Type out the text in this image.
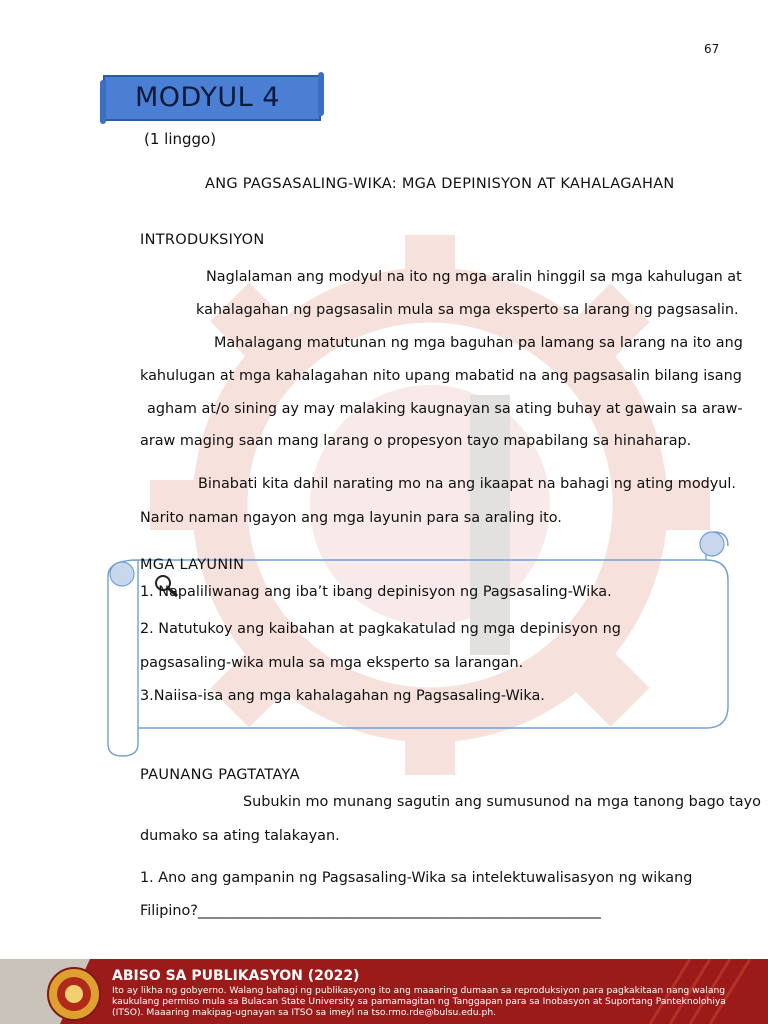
67
MODYUL 4
(1 linggo)
ANG PAGSASALING-WIKA: MGA DEPINISYON AT KAHALAGAHAN
INTRODUKSIYON
Naglalaman ang modyul na ito ng mga aralin hinggil sa mga kahulugan at
kahalagahan ng pagsasalin mula sa mga eksperto sa larang ng pagsasalin.
Mahalagang matutunan ng mga baguhan pa lamang sa larang na ito ang
kahulugan at mga kahalagahan nito upang mabatid na ang pagsasalin bilang isang
agham at/o sining ay may malaking kaugnayan sa ating buhay at gawain sa araw-
araw maging saan mang larang o propesyon tayo mapabilang sa hinaharap.
Binabati kita dahil narating mo na ang ikaapat na bahagi ng ating modyul.
Narito naman ngayon ang mga layunin para sa araling ito.
MGA LAYUNIN
1. Napaliliwanag ang iba’t ibang depinisyon ng Pagsasaling-Wika.
2. Natutukoy ang kaibahan at pagkakatulad ng mga depinisyon ng
pagsasaling-wika mula sa mga eksperto sa larangan.
3.Naiisa-isa ang mga kahalagahan ng Pagsasaling-Wika.
PAUNANG PAGTATAYA
Subukin mo munang sagutin ang sumusunod na mga tanong bago tayo
dumako sa ating talakayan.
1. Ano ang gampanin ng Pagsasaling-Wika sa intelektuwalisasyon ng wikang
Filipino?________________________________________________________
ABISO SA PUBLIKASYON (2022)
Ito ay likha ng gobyerno. Walang bahagi ng publikasyong ito ang maaaring dumaan sa reproduksiyon para pagkakitaan nang walang kaukulang permiso mula sa Bulacan State University sa pamamagitan ng Tanggapan para sa Inobasyon at Suportang Panteknolohiya (ITSO). Maaaring makipag-ugnayan sa ITSO sa imeyl na tso.rmo.rde@bulsu.edu.ph.
